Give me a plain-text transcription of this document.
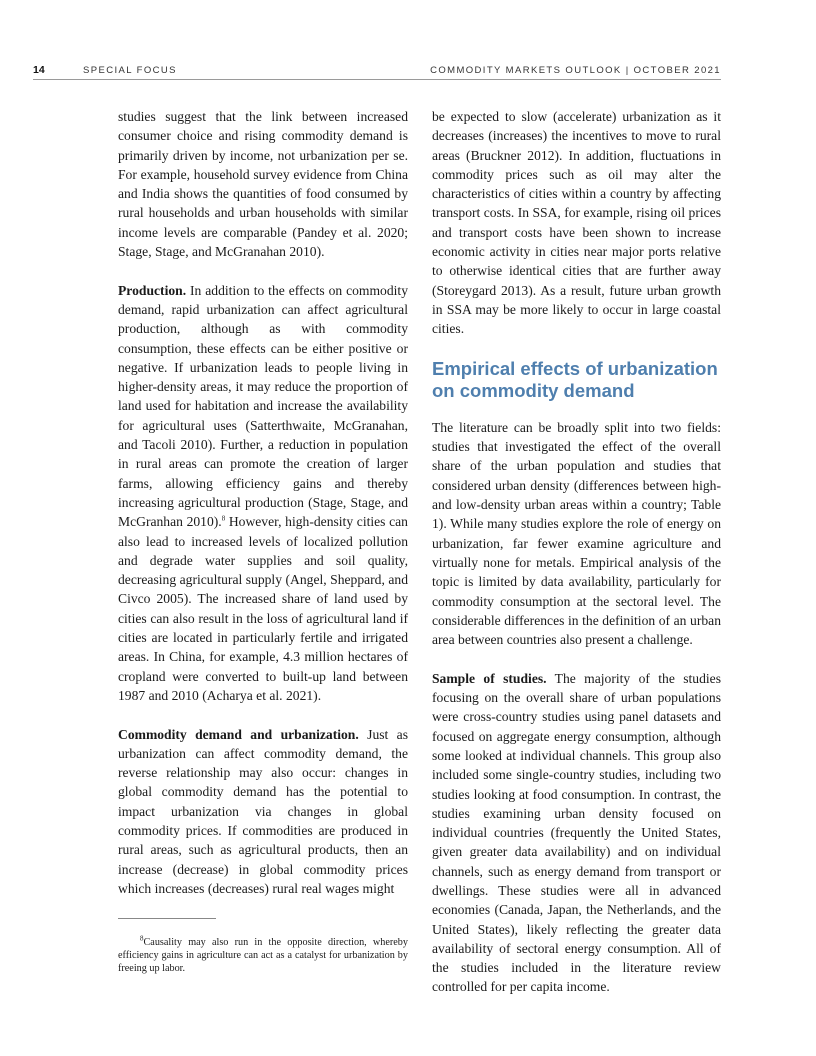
14	SPECIAL FOCUS	COMMODITY MARKETS OUTLOOK | OCTOBER 2021

studies suggest that the link between increased consumer choice and rising commodity demand is primarily driven by income, not urbanization per se. For example, household survey evidence from China and India shows the quantities of food consumed by rural households and urban households with similar income levels are comparable (Pandey et al. 2020; Stage, Stage, and McGranahan 2010).

Production. In addition to the effects on commodity demand, rapid urbanization can affect agricultural production, although as with commodity consumption, these effects can be either positive or negative. If urbanization leads to people living in higher-density areas, it may reduce the proportion of land used for habitation and increase the availability for agricultural uses (Satterthwaite, McGranahan, and Tacoli 2010). Further, a reduction in population in rural areas can promote the creation of larger farms, allowing efficiency gains and thereby increasing agricultural production (Stage, Stage, and McGranhan 2010).$^8$ However, high-density cities can also lead to increased levels of localized pollution and degrade water supplies and soil quality, decreasing agricultural supply (Angel, Sheppard, and Civco 2005). The increased share of land used by cities can also result in the loss of agricultural land if cities are located in particularly fertile and irrigated areas. In China, for example, 4.3 million hectares of cropland were converted to built-up land between 1987 and 2010 (Acharya et al. 2021).

Commodity demand and urbanization. Just as urbanization can affect commodity demand, the reverse relationship may also occur: changes in global commodity demand has the potential to impact urbanization via changes in global commodity prices. If commodities are produced in rural areas, such as agricultural products, then an increase (decrease) in global commodity prices which increases (decreases) rural real wages might

be expected to slow (accelerate) urbanization as it decreases (increases) the incentives to move to rural areas (Bruckner 2012). In addition, fluctuations in commodity prices such as oil may alter the characteristics of cities within a country by affecting transport costs. In SSA, for example, rising oil prices and transport costs have been shown to increase economic activity in cities near major ports relative to otherwise identical cities that are further away (Storeygard 2013). As a result, future urban growth in SSA may be more likely to occur in large coastal cities.

Empirical effects of urbanization on commodity demand

The literature can be broadly split into two fields: studies that investigated the effect of the overall share of the urban population and studies that considered urban density (differences between high- and low-density urban areas within a country; Table 1). While many studies explore the role of energy on urbanization, far fewer examine agriculture and virtually none for metals. Empirical analysis of the topic is limited by data availability, particularly for commodity consumption at the sectoral level. The considerable differences in the definition of an urban area between countries also present a challenge.

Sample of studies. The majority of the studies focusing on the overall share of urban populations were cross-country studies using panel datasets and focused on aggregate energy consumption, although some looked at individual channels. This group also included some single-country studies, including two studies looking at food consumption. In contrast, the studies examining urban density focused on individual countries (frequently the United States, given greater data availability) and on individual channels, such as energy demand from transport or dwellings. These studies were all in advanced economies (Canada, Japan, the Netherlands, and the United States), likely reflecting the greater data availability of sectoral energy consumption. All of the studies included in the literature review controlled for per capita income.

$^8$Causality may also run in the opposite direction, whereby efficiency gains in agriculture can act as a catalyst for urbanization by freeing up labor.
